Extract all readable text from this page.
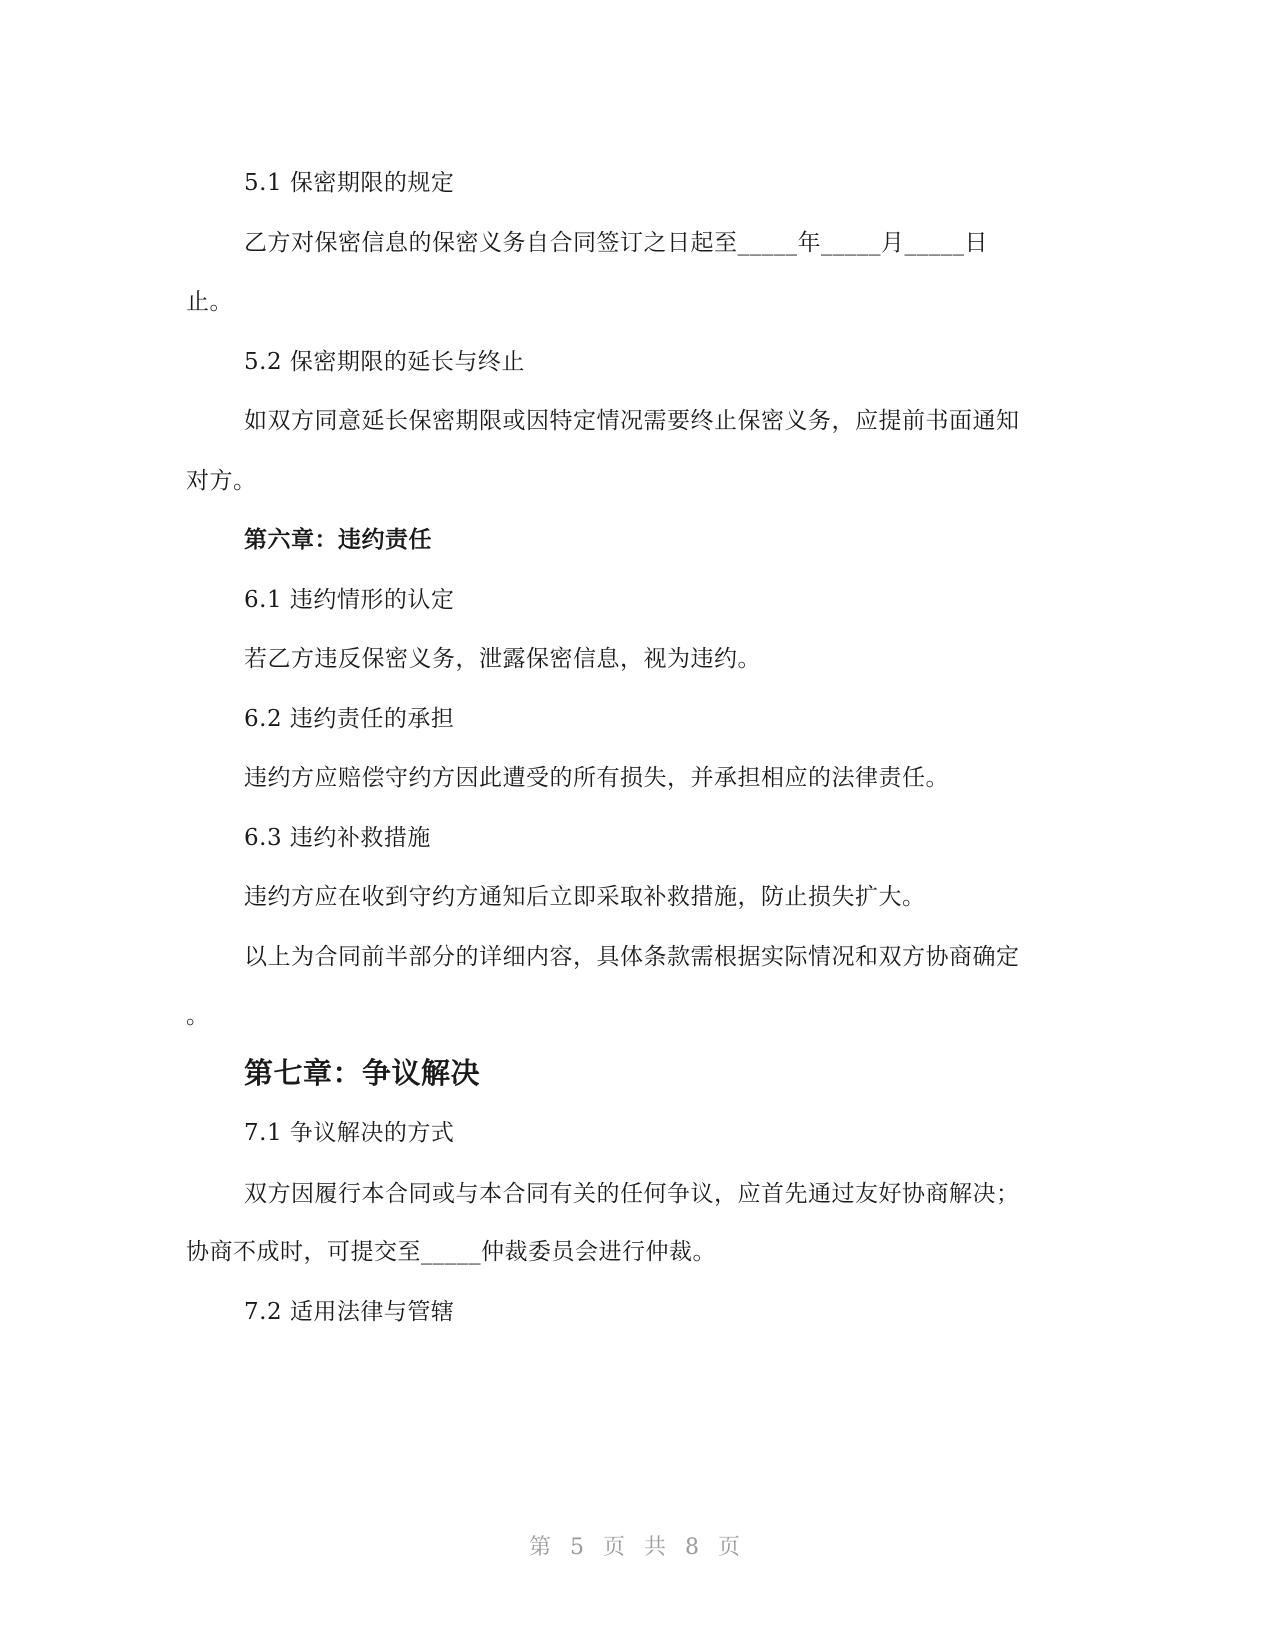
5.1 保密期限的规定
乙方对保密信息的保密义务自合同签订之日起至_____年_____月_____日
止。
5.2 保密期限的延长与终止
如双方同意延长保密期限或因特定情况需要终止保密义务，应提前书面通知
对方。
第六章：违约责任
6.1 违约情形的认定
若乙方违反保密义务，泄露保密信息，视为违约。
6.2 违约责任的承担
违约方应赔偿守约方因此遭受的所有损失，并承担相应的法律责任。
6.3 违约补救措施
违约方应在收到守约方通知后立即采取补救措施，防止损失扩大。
以上为合同前半部分的详细内容，具体条款需根据实际情况和双方协商确定
。
第七章：争议解决
7.1 争议解决的方式
双方因履行本合同或与本合同有关的任何争议，应首先通过友好协商解决；
协商不成时，可提交至_____仲裁委员会进行仲裁。
7.2 适用法律与管辖
第 5 页 共 8 页
